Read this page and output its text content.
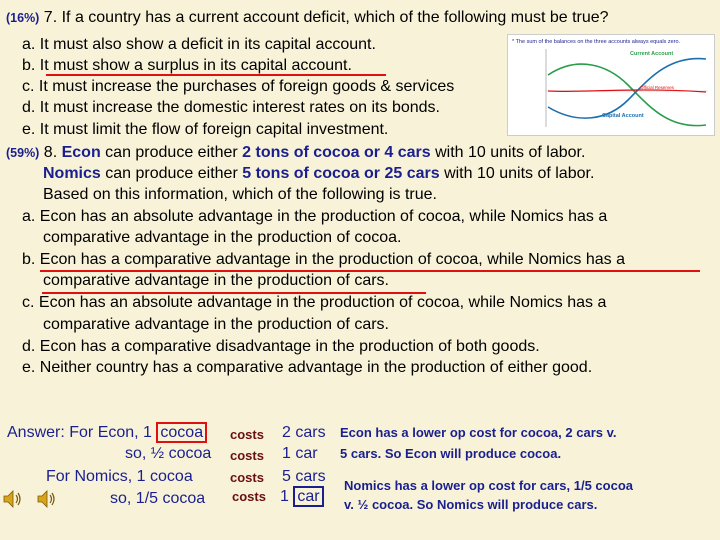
(16%) 7. If a country has a current account deficit, which of the following must be true?
a. It must also show a deficit in its capital account.
b. It must show a surplus in its capital account.
c. It must increase the purchases of foreign goods & services
d. It must increase the domestic interest rates on its bonds.
e. It must limit the flow of foreign capital investment.
* The sum of the balances on the three accounts always equals zero.
Current Account
Capital Account
Official Reserves
(59%) 8. Econ can produce either 2 tons of cocoa or 4 cars with 10 units of labor.
Nomics can produce either 5 tons of cocoa or 25 cars with 10 units of labor.
Based on this information, which of the following is true.
a. Econ has an absolute advantage in the production of cocoa, while Nomics has a
comparative advantage in the production of cocoa.
b. Econ has a comparative advantage in the production of cocoa, while Nomics has a
comparative advantage in the production of cars.
c. Econ has an absolute advantage in the production of cocoa, while Nomics has a
comparative advantage in the production of cars.
d. Econ has a comparative disadvantage in the production of both goods.
e. Neither country has a comparative advantage in the production of either good.
Answer: For Econ, 1 cocoa	costs 2 cars
so, ½ cocoa costs 1 car
For Nomics, 1 cocoa	costs 5 cars
so, 1/5 cocoa costs 1 car
Econ has a lower op cost for cocoa, 2 cars v.
5 cars. So Econ will produce cocoa.
Nomics has a lower op cost for cars, 1/5 cocoa
v. ½ cocoa. So Nomics will produce cars.
